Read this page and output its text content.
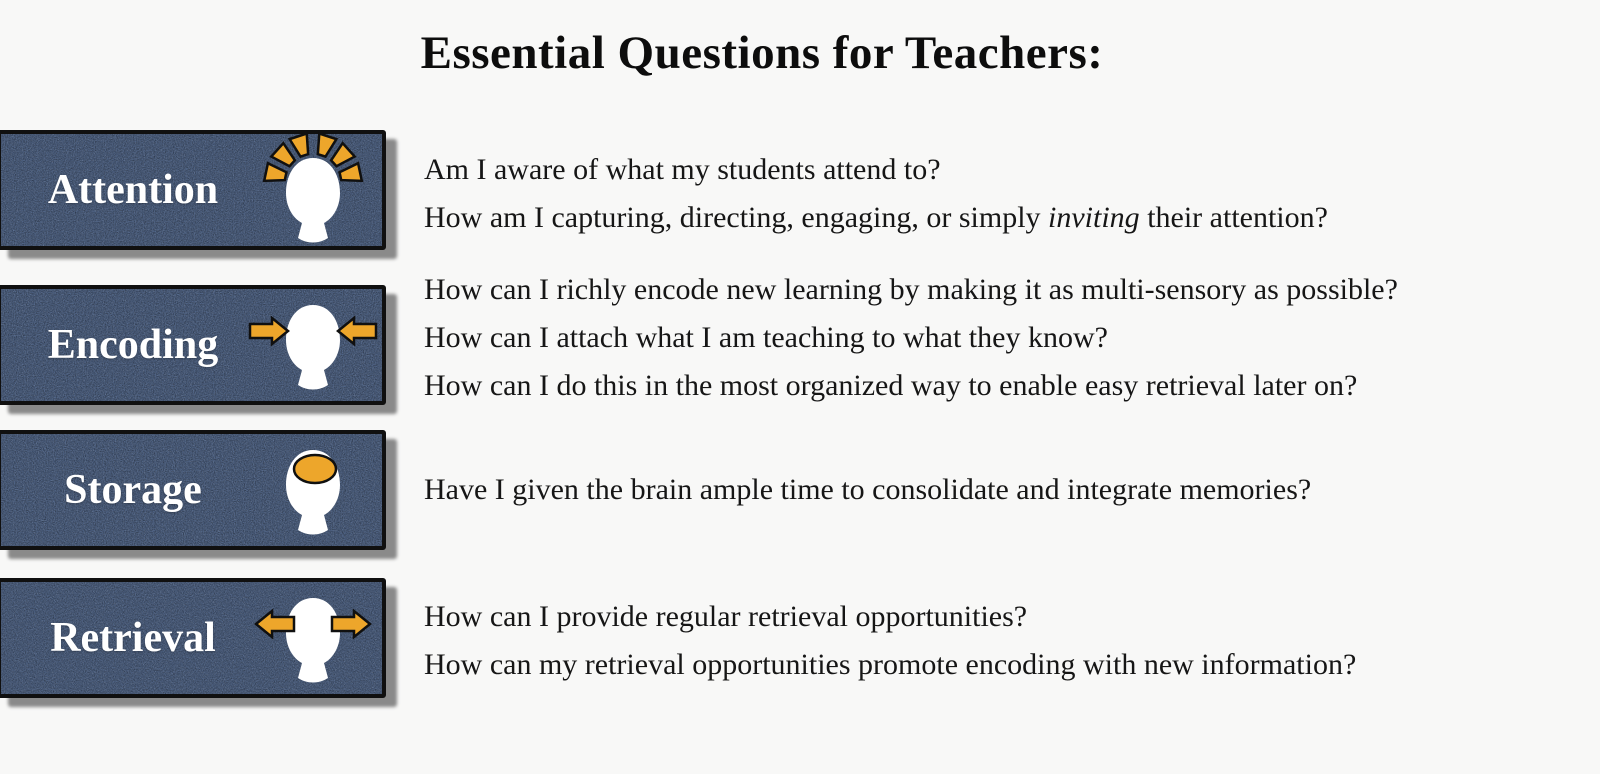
Essential Questions for Teachers:
Attention	Am I aware of what my students attend to?
How am I capturing, directing, engaging, or simply inviting their attention?
Encoding
How can I richly encode new learning by making it as multi-sensory as possible?
How can I attach what I am teaching to what they know?
How can I do this in the most organized way to enable easy retrieval later on?
Storage	Have I given the brain ample time to consolidate and integrate memories?
Retrieval	How can I provide regular retrieval opportunities?
How can my retrieval opportunities promote encoding with new information?
